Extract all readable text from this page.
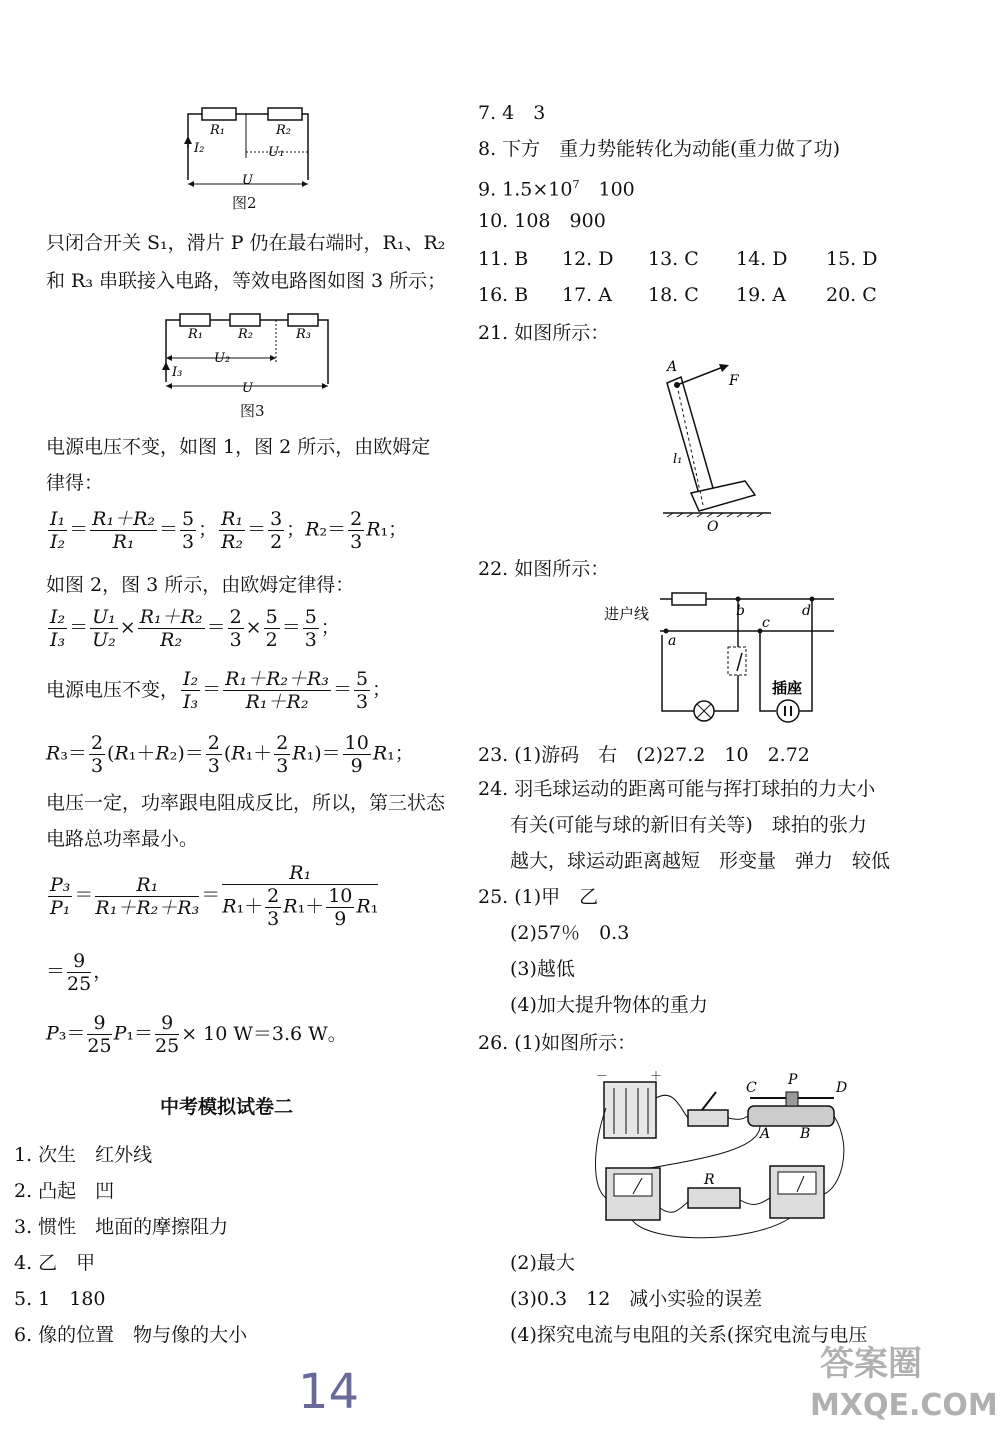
R₁	R₂
I₂	U₁
U
图2
只闭合开关 S₁，滑片 P 仍在最右端时，R₁、R₂
和 R₃ 串联接入电路，等效电路图如图 3 所示；
R₁	R₂	R₃
U₂
I₃
U
图3
电源电压不变，如图 1，图 2 所示，由欧姆定
律得：
$\frac{\text{I₁}}{\text{I₂}} = \frac{\text{R₁＋R₂}}{\text{R₁}} = \frac{5}{3}$ ； $\frac{\text{R₁}}{\text{R₂}} = \frac{3}{2}$ ；$R_2= \frac{2}{3} R_1$；
如图 2，图 3 所示，由欧姆定律得：
$\frac{\text{I₂}}{\text{I₃}} = \frac{\text{U₁}}{\text{U₂}} \times \frac{\text{R₁＋R₂}}{\text{R₂}} = \frac{2}{3} \times \frac{5}{2} = \frac{5}{3}$ ；
电源电压不变， $\frac{\text{I₂}}{\text{I₃}} = \frac{\text{R₁＋R₂＋R₃}}{\text{R₁＋R₂}} = \frac{5}{3}$ ；
$R_3= \frac{2}{3} (R_1+R_2)= \frac{2}{3} (R_1+ \frac{2}{3} R_1)= \frac{10}{9} R_1$；
电压一定，功率跟电阻成反比，所以，第三状态
电路总功率最小。
$\frac{\text{P₃}}{\text{P₁}} = \frac{\text{R₁}}{\text{R₁＋R₂＋R₃}} = \frac{\text{R₁}}{R_1+ \frac{2}{3} R_1+ \frac{10}{9} R_1}$
＝ $\frac{9}{25}$ ，
$P_3= \frac{9}{25} P_1= \frac{9}{25} \times 10$ W＝3.6 W。
中考模拟试卷二
1. 次生　红外线
2. 凸起　凹
3. 惯性　地面的摩擦阻力
4. 乙　甲
5. 1　180
6. 像的位置　物与像的大小
14
7. 4　3
8. 下方　重力势能转化为动能(重力做了功)
9. $1.5\times 10^7$　100
10. 108　900
11. B 12. D 13. C 14. D 15. D
16. B 17. A 18. C 19. A 20. C
21. 如图所示：
A
F
l₁
O
22. 如图所示：
进户线
a
b
c
d
插座
23. (1)游码　右　(2)27.2　10　2.72
24. 羽毛球运动的距离可能与挥打球拍的力大小
有关(可能与球的新旧有关等)　球拍的张力
越大，球运动距离越短　形变量　弹力　较低
25. (1)甲　乙
(2)57％　0.3
(3)越低
(4)加大提升物体的重力
26. (1)如图所示：
－	＋
C P	D
A B
R
(2)最大
(3)0.3　12　减小实验的误差
(4)探究电流与电阻的关系(探究电流与电压
答案圈
MXQE.COM
